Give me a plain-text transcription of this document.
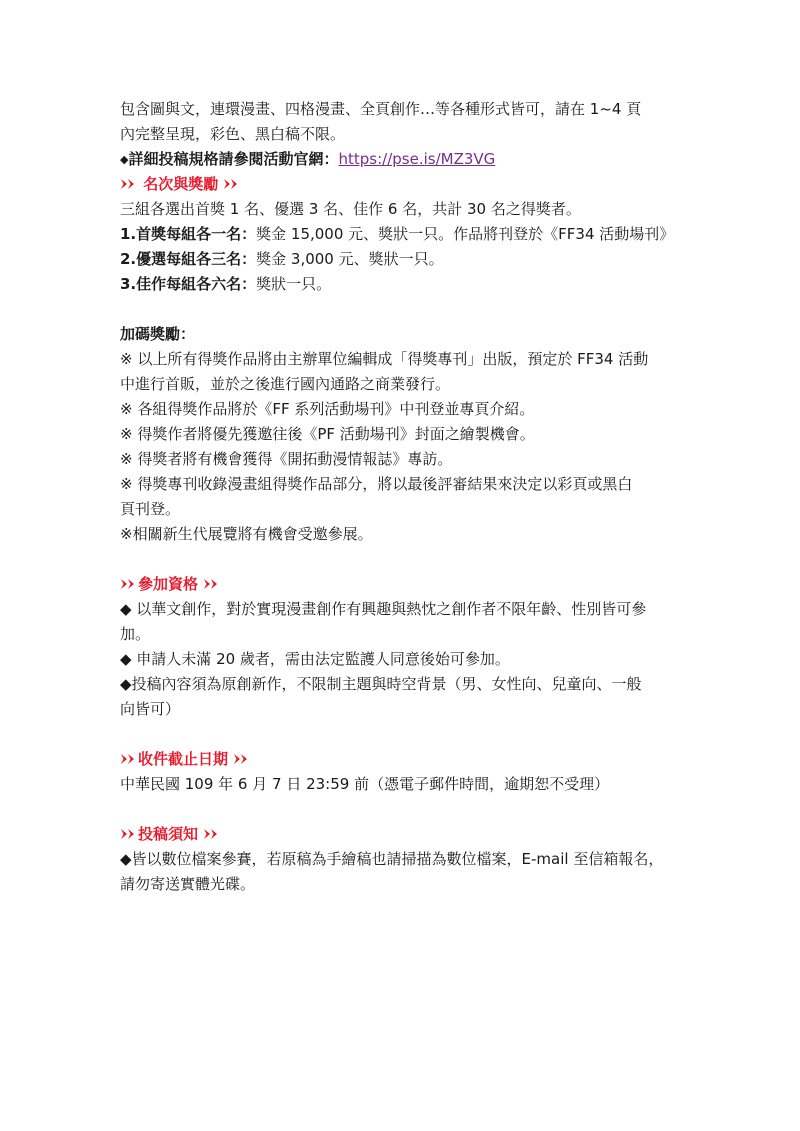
包含圖與文，連環漫畫、四格漫畫、全頁創作…等各種形式皆可，請在 1~4 頁
內完整呈現，彩色、黑白稿不限。
◆詳細投稿規格請參閱活動官網：https://pse.is/MZ3VG
名次與獎勵
三組各選出首獎 1 名、優選 3 名、佳作 6 名，共計 30 名之得獎者。
1.首獎每組各一名：獎金 15,000 元、獎狀一只。作品將刊登於《FF34 活動場刊》
2.優選每組各三名：獎金 3,000 元、獎狀一只。
3.佳作每組各六名：獎狀一只。
加碼獎勵：
※ 以上所有得獎作品將由主辦單位編輯成「得獎專刊」出版，預定於 FF34 活動
中進行首販，並於之後進行國內通路之商業發行。
※ 各組得獎作品將於《FF 系列活動場刊》中刊登並專頁介紹。
※ 得獎作者將優先獲邀往後《PF 活動場刊》封面之繪製機會。
※ 得獎者將有機會獲得《開拓動漫情報誌》專訪。
※ 得獎專刊收錄漫畫組得獎作品部分，將以最後評審結果來決定以彩頁或黑白
頁刊登。
※相關新生代展覽將有機會受邀參展。
參加資格
◆ 以華文創作，對於實現漫畫創作有興趣與熱忱之創作者不限年齡、性別皆可參
加。
◆ 申請人未滿 20 歲者，需由法定監護人同意後始可參加。
◆投稿內容須為原創新作，不限制主題與時空背景（男、女性向、兒童向、一般
向皆可）
收件截止日期
中華民國 109 年 6 月 7 日 23:59 前（憑電子郵件時間，逾期恕不受理）
投稿須知
◆皆以數位檔案參賽，若原稿為手繪稿也請掃描為數位檔案，E-mail 至信箱報名，
請勿寄送實體光碟。
